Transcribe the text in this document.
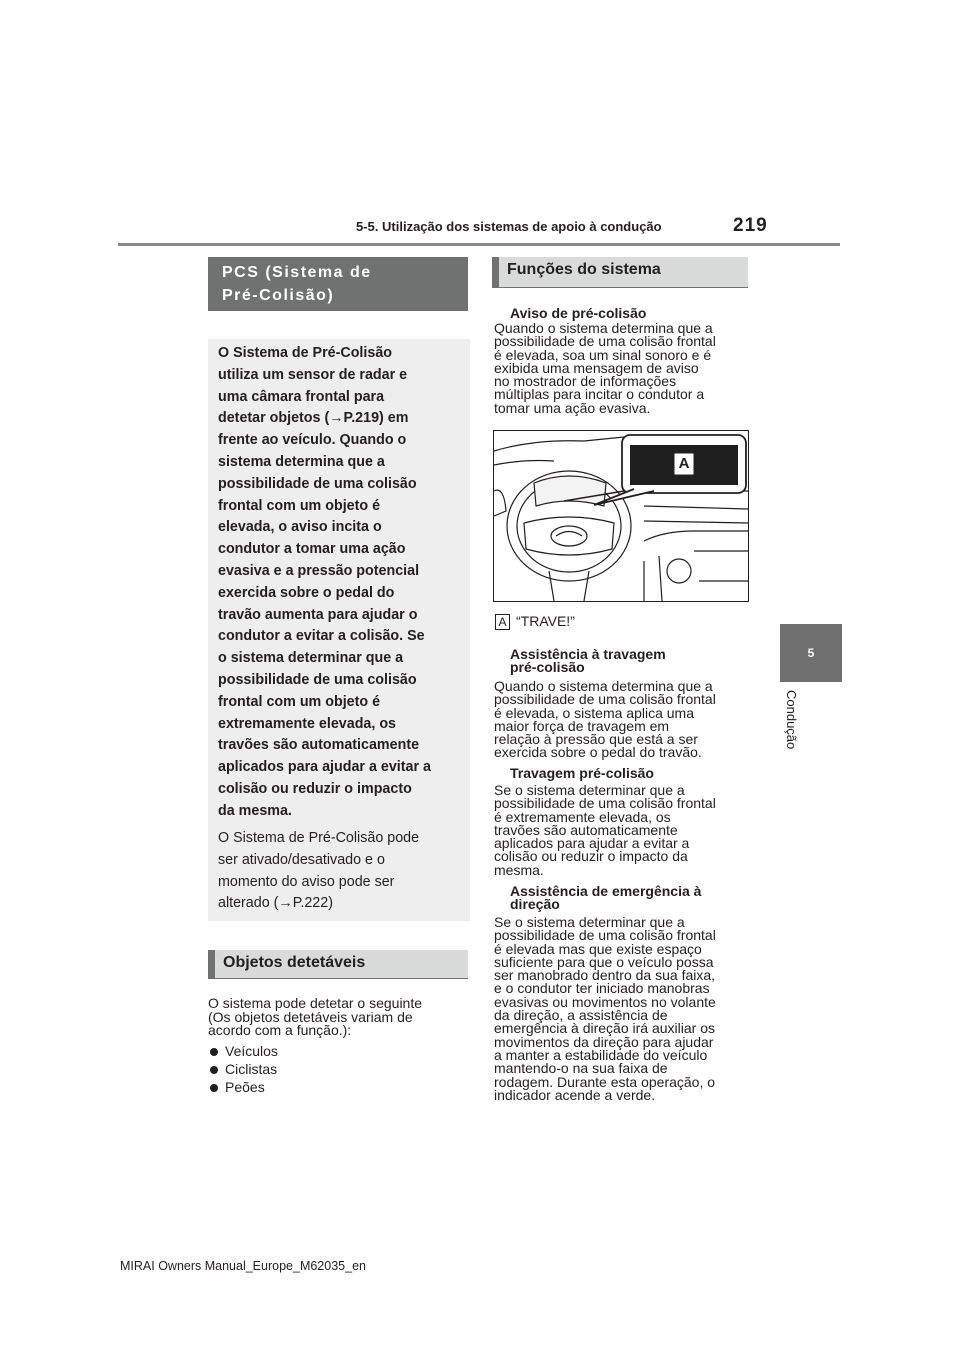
5-5. Utilização dos sistemas de apoio à condução	219
5
Condução
PCS (Sistema de
Pré-Colisão)
O Sistema de Pré-Colisão
utiliza um sensor de radar e
uma câmara frontal para
detetar objetos (→P.219) em
frente ao veículo. Quando o
sistema determina que a
possibilidade de uma colisão
frontal com um objeto é
elevada, o aviso incita o
condutor a tomar uma ação
evasiva e a pressão potencial
exercida sobre o pedal do
travão aumenta para ajudar o
condutor a evitar a colisão. Se
o sistema determinar que a
possibilidade de uma colisão
frontal com um objeto é
extremamente elevada, os
travões são automaticamente
aplicados para ajudar a evitar a
colisão ou reduzir o impacto
da mesma.
O Sistema de Pré-Colisão pode
ser ativado/desativado e o
momento do aviso pode ser
alterado (→P.222)
Objetos detetáveis
O sistema pode detetar o seguinte
(Os objetos detetáveis variam de
acordo com a função.):
Veículos
Ciclistas
Peões
Funções do sistema
Aviso de pré-colisão
Quando o sistema determina que a
possibilidade de uma colisão frontal
é elevada, soa um sinal sonoro e é
exibida uma mensagem de aviso
no mostrador de informações
múltiplas para incitar o condutor a
tomar uma ação evasiva.
A
A “TRAVE!”
Assistência à travagem
pré-colisão
Quando o sistema determina que a
possibilidade de uma colisão frontal
é elevada, o sistema aplica uma
maior força de travagem em
relação à pressão que está a ser
exercida sobre o pedal do travão.
Travagem pré-colisão
Se o sistema determinar que a
possibilidade de uma colisão frontal
é extremamente elevada, os
travões são automaticamente
aplicados para ajudar a evitar a
colisão ou reduzir o impacto da
mesma.
Assistência de emergência à
direção
Se o sistema determinar que a
possibilidade de uma colisão frontal
é elevada mas que existe espaço
suficiente para que o veículo possa
ser manobrado dentro da sua faixa,
e o condutor ter iniciado manobras
evasivas ou movimentos no volante
da direção, a assistência de
emergência à direção irá auxiliar os
movimentos da direção para ajudar
a manter a estabilidade do veículo
mantendo-o na sua faixa de
rodagem. Durante esta operação, o
indicador acende a verde.
MIRAI Owners Manual_Europe_M62035_en
